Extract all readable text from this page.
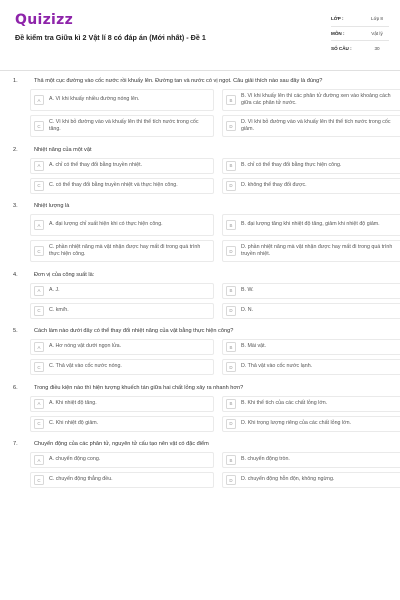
Quizizz
Đề kiểm tra Giữa kì 2 Vật lí 8 có đáp án (Mới nhất) - Đề 1
LỚP :	Lớp 8
MÔN :	Vật lý
SỐ CÂU :	30
1.	Thả một cục đường vào cốc nước rồi khuấy lên. Đường tan và nước có vị ngọt. Câu giải thích nào sau đây là đúng?
A	A. Vì khi khuấy nhiều đường nóng lên.	B
B. Vì khi khuấy lên thì các phân tử đường xen vào khoảng cách giữa các phân tử nước.
C
C. Vì khi bỏ đường vào và khuấy lên thì thể tích nước trong cốc tăng.	D
D. Vì khi bỏ đường vào và khuấy lên thì thể tích nước trong cốc giảm.
2.	Nhiệt năng của một vật
A	A. chỉ có thể thay đổi bằng truyền nhiệt.	B	B. chỉ có thể thay đổi bằng thực hiện công.
C	C. có thể thay đổi bằng truyền nhiệt và thực hiện công.	D	D. không thể thay đổi được.
3.	Nhiệt lượng là
A	A. đại lượng chỉ xuất hiện khi có thực hiện công.	B	B. đại lượng tăng khi nhiệt độ tăng, giảm khi nhiệt độ giảm.
C
C. phần nhiệt năng mà vật nhận được hay mất đi trong quá trình thực hiện công.	D
D. phần nhiệt năng mà vật nhận được hay mất đi trong quá trình truyền nhiệt.
4.	Đơn vị của công suất là:
A	A. J.	B	B. W.
C	C. km/h.	D	D. N.
5.	Cách làm nào dưới đây có thể thay đổi nhiệt năng của vật bằng thực hiện công?
A	A. Hơ nóng vật dưới ngọn lửa.	B	B. Mài vật.
C	C. Thả vật vào cốc nước nóng.	D	D. Thả vật vào cốc nước lạnh.
6.	Trong điều kiện nào thì hiện tượng khuếch tán giữa hai chất lỏng xảy ra nhanh hơn?
A	A. Khi nhiệt độ tăng.	B	B. Khi thể tích của các chất lỏng lớn.
C	C. Khi nhiệt độ giảm.	D	D. Khi trọng lượng riêng của các chất lỏng lớn.
7.	Chuyển động của các phân tử, nguyên tử cấu tạo nên vật có đặc điểm
A	A. chuyển động cong.	B	B. chuyển động tròn.
C	C. chuyển động thẳng đều.	D	D. chuyển động hỗn độn, không ngừng.
